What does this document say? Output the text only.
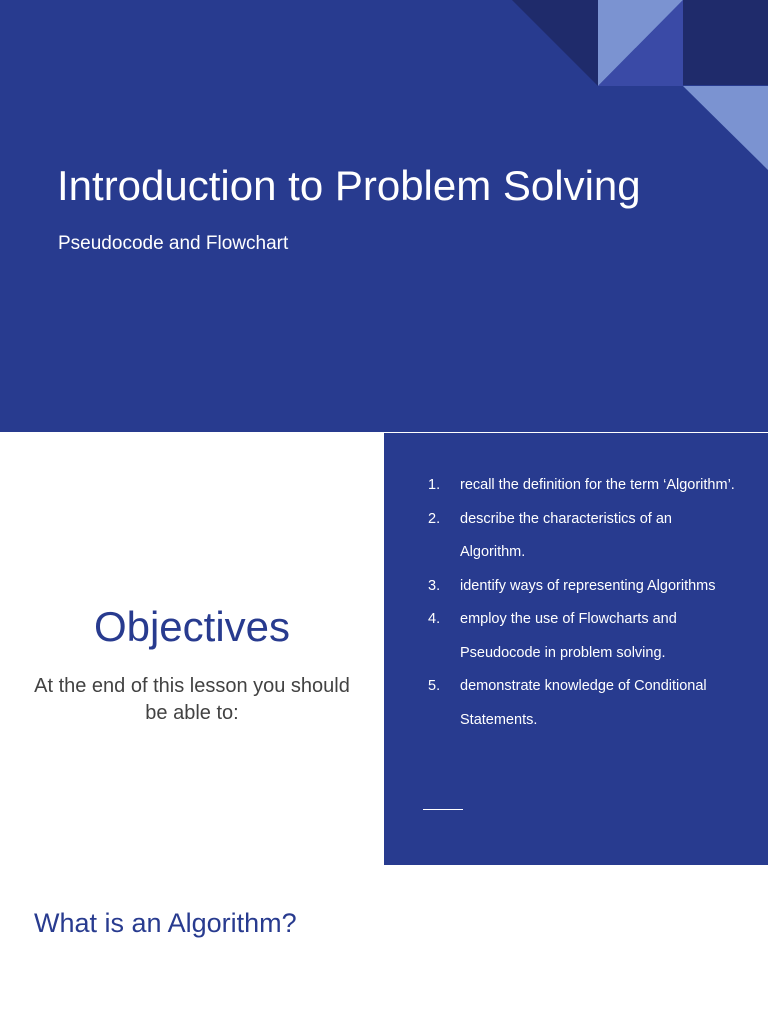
Introduction to Problem Solving

Pseudocode and Flowchart

Objectives

At the end of this lesson you should be able to:

1. recall the definition for the term ‘Algorithm’.
2. describe the characteristics of an Algorithm.
3. identify ways of representing Algorithms
4. employ the use of Flowcharts and Pseudocode in problem solving.
5. demonstrate knowledge of Conditional Statements.
What is an Algorithm?
